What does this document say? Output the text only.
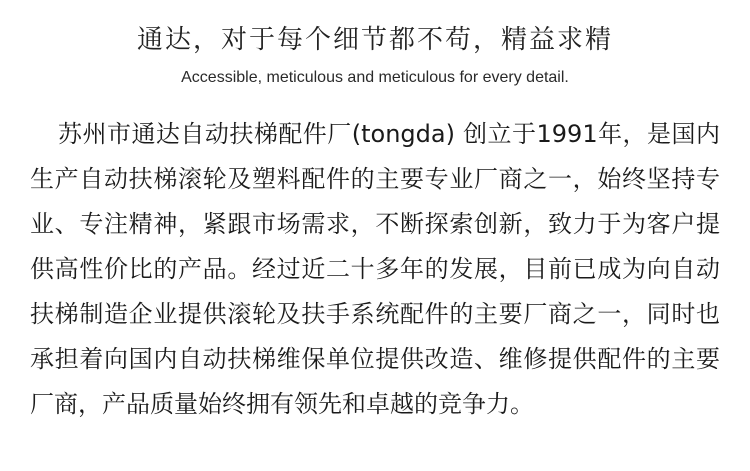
通达，对于每个细节都不苟，精益求精
Accessible, meticulous and meticulous for every detail.

苏州市通达自动扶梯配件厂(tongda) 创立于1991年，是国内生产自动扶梯滚轮及塑料配件的主要专业厂商之一，始终坚持专业、专注精神，紧跟市场需求，不断探索创新，致力于为客户提供高性价比的产品。经过近二十多年的发展，目前已成为向自动扶梯制造企业提供滚轮及扶手系统配件的主要厂商之一，同时也承担着向国内自动扶梯维保单位提供改造、维修提供配件的主要厂商，产品质量始终拥有领先和卓越的竞争力。
